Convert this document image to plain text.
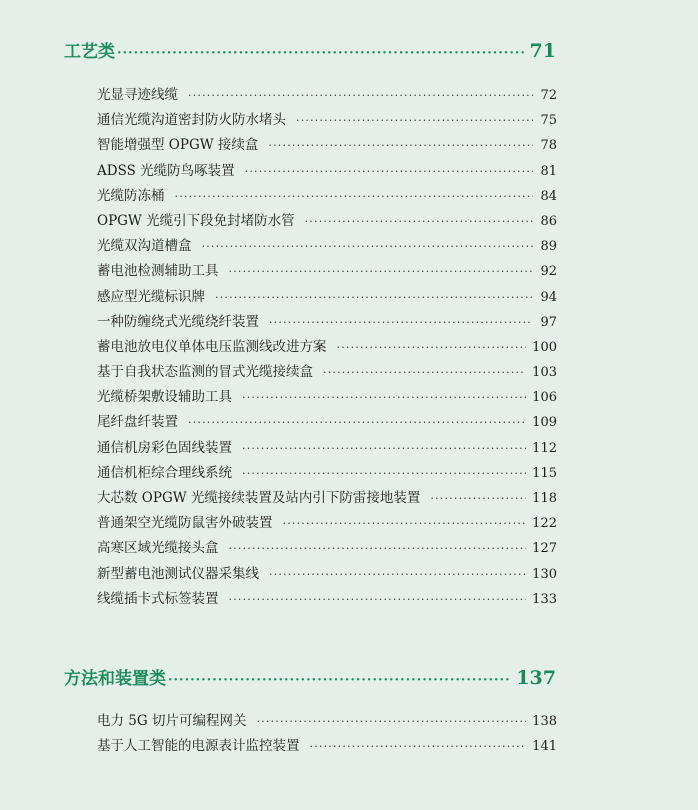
工艺类 ·····	71
光显寻迹线缆 ·····	72
通信光缆沟道密封防火防水堵头 ·····	75
智能增强型 OPGW 接续盒 ·····	78
ADSS 光缆防鸟啄装置 ·····	81
光缆防冻桶 ·····	84
OPGW 光缆引下段免封堵防水管 ·····	86
光缆双沟道槽盒 ·····	89
蓄电池检测辅助工具 ·····	92
感应型光缆标识牌 ·····	94
一种防缠绕式光缆绕纤装置 ·····	97
蓄电池放电仪单体电压监测线改进方案 ·····	100
基于自我状态监测的冒式光缆接续盒 ·····	103
光缆桥架敷设辅助工具 ·····	106
尾纤盘纤装置 ·····	109
通信机房彩色固线装置 ·····	112
通信机柜综合理线系统 ·····	115
大芯数 OPGW 光缆接续装置及站内引下防雷接地装置 ·····	118
普通架空光缆防鼠害外破装置 ·····	122
高寒区域光缆接头盒 ·····	127
新型蓄电池测试仪器采集线 ·····	130
线缆插卡式标签装置 ·····	133
方法和装置类 ·····	137
电力 5G 切片可编程网关 ·····	138
基于人工智能的电源表计监控装置 ·····	141
